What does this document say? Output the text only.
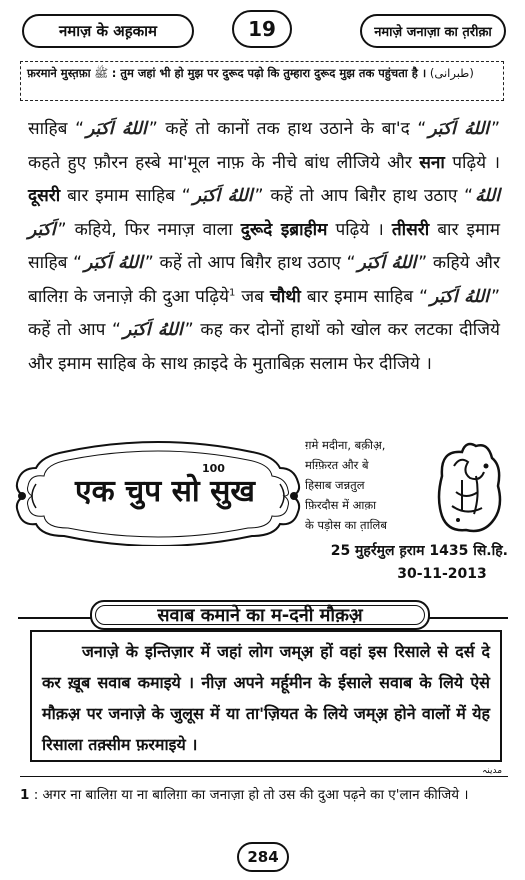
नमाज़ के अह़काम	19	नमाज़े जनाज़ा का त़रीक़ा
फ़रमाने मुस्त़फ़ा ﷺ : तुम जहां भी हो मुझ पर दुरूद पढ़ो कि तुम्हारा दुरूद मुझ तक पहुंचता है । (طبرانی)
साहिब “ اللهُ اَکبَر ” कहें तो कानों तक हाथ उठाने के बा'द “ اللهُ اَکبَر ” कहते हुए फ़ौरन हस्बे मा'मूल नाफ़ के नीचे बांध लीजिये और सना पढ़िये । दूसरी बार इमाम साहिब “ اللهُ اَکبَر ” कहें तो आप बिग़ैर हाथ उठाए “ اللهُ اَکبَر ” कहिये, फिर नमाज़ वाला दुरूदे इब्राहीम पढ़िये । तीसरी बार इमाम साहिब “ اللهُ اَکبَر ” कहें तो आप बिग़ैर हाथ उठाए “ اللهُ اَکبَر ” कहिये और बालिग़ के जनाज़े की दुआ पढ़िये$^1$ जब चौथी बार इमाम साहिब “ اللهُ اَکبَر ” कहें तो आप “ اللهُ اَکبَر ” कह कर दोनों हाथों को खोल कर लटका दीजिये और इमाम साहिब के साथ क़ाइदे के मुताबिक़ सलाम फेर दीजिये ।
एक चुप सो सुख
100
ग़मे मदीना, बक़ीअ़,
मग़्फ़िरत और बे
हिसाब जन्नतुल
फ़िरदौस में आक़ा
के पड़ोस का त़ालिब
25 मुहर्रमुल ह़राम 1435 सि.हि.
30-11-2013

जनाज़े के इन्तिज़ार में जहां लोग जम्अ़ हों वहां इस रिसाले से दर्स दे कर ख़ूब सवाब कमाइये । नीज़ अपने मर्हूमीन के ईसाले सवाब के लिये ऐसे मौक़अ़ पर जनाज़े के जुलूस में या ता'ज़ियत के लिये जम्अ़ होने वालों में येह रिसाला तक़्सीम फ़रमाइये ।

सवाब कमाने का म-दनी मौक़अ़
مدینہ
1 : अगर ना बालिग़ या ना बालिग़ा का जनाज़ा हो तो उस की दुआ पढ़ने का ए'लान कीजिये ।
284
